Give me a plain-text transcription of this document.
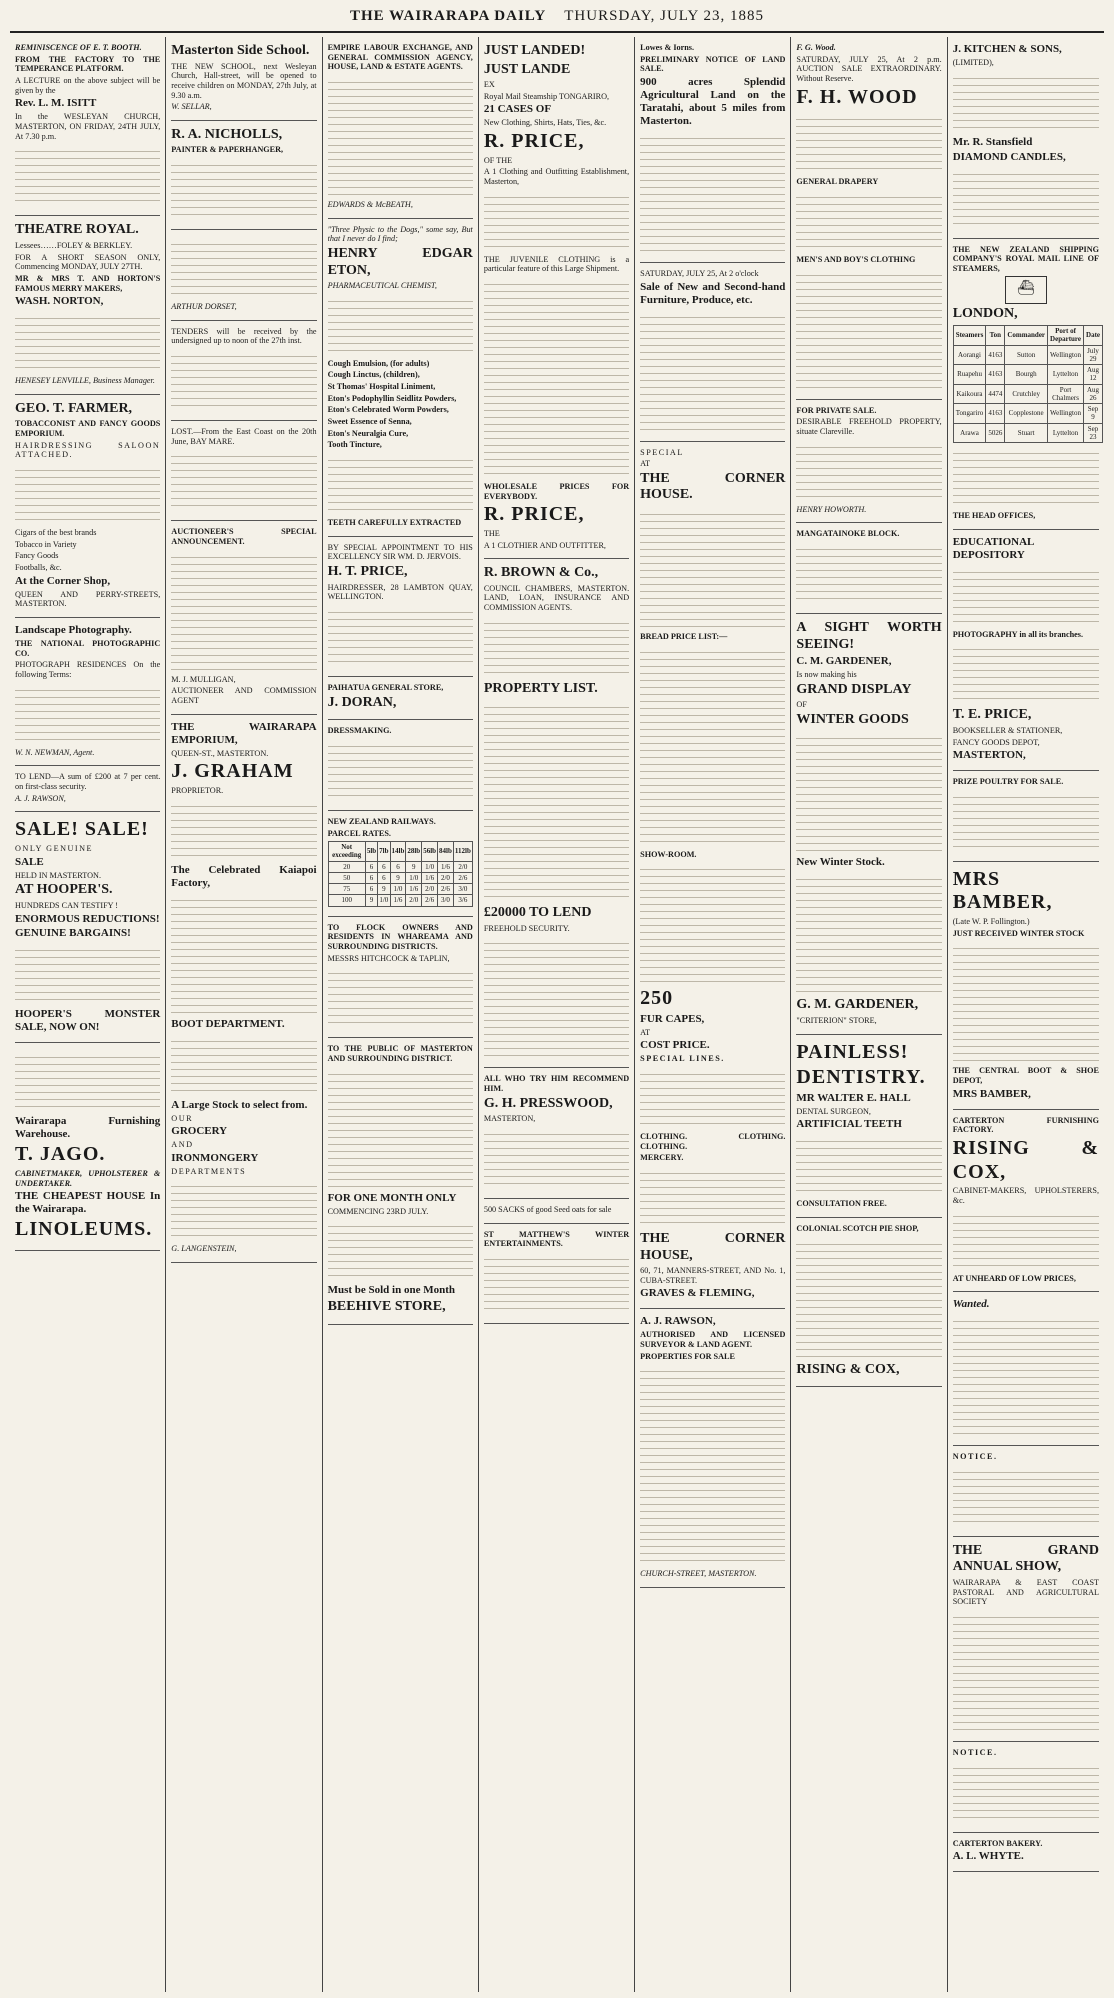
THE WAIRARAPA DAILY THURSDAY, JULY 23, 1885

REMINISCENCE OF E. T. BOOTH.

FROM THE FACTORY TO THE TEMPERANCE PLATFORM.

A LECTURE on the above subject will be given by the

Rev. L. M. ISITT

In the WESLEYAN CHURCH, MASTERTON, ON FRIDAY, 24TH JULY, At 7.30 p.m.

THEATRE ROYAL.

Lessees……FOLEY & BERKLEY.

FOR A SHORT SEASON ONLY, Commencing MONDAY, JULY 27TH.

MR & MRS T. AND HORTON'S FAMOUS MERRY MAKERS,

WASH. NORTON,

HENESEY LENVILLE, Business Manager.

GEO. T. FARMER,

TOBACCONIST AND FANCY GOODS EMPORIUM.

HAIRDRESSING SALOON ATTACHED.

Cigars of the best brands

Tobacco in Variety

Fancy Goods

Footballs, &c.

At the Corner Shop,

QUEEN AND PERRY-STREETS, MASTERTON.

Landscape Photography.

THE NATIONAL PHOTOGRAPHIC CO.

PHOTOGRAPH RESIDENCES On the following Terms:

W. N. NEWMAN, Agent.

TO LEND—A sum of £200 at 7 per cent. on first-class security.

A. J. RAWSON,

SALE! SALE!

ONLY GENUINE

SALE

HELD IN MASTERTON.

AT HOOPER'S.

HUNDREDS CAN TESTIFY !

ENORMOUS REDUCTIONS!

GENUINE BARGAINS!

HOOPER'S MONSTER SALE, NOW ON!

Wairarapa Furnishing Warehouse.

T. JAGO.

CABINETMAKER, UPHOLSTERER & UNDERTAKER.

THE CHEAPEST HOUSE In the Wairarapa.

LINOLEUMS.

Masterton Side School.

THE NEW SCHOOL, next Wesleyan Church, Hall-street, will be opened to receive children on MONDAY, 27th July, at 9.30 a.m.

W. SELLAR,

R. A. NICHOLLS,

PAINTER & PAPERHANGER,

ARTHUR DORSET,

TENDERS will be received by the undersigned up to noon of the 27th inst.

LOST.—From the East Coast on the 20th June, BAY MARE.

AUCTIONEER'S SPECIAL ANNOUNCEMENT.

M. J. MULLIGAN,

AUCTIONEER AND COMMISSION AGENT

THE WAIRARAPA EMPORIUM,

QUEEN-ST., MASTERTON.

J. GRAHAM

PROPRIETOR.

The Celebrated Kaiapoi Factory,

BOOT DEPARTMENT.

A Large Stock to select from.

OUR

GROCERY

AND

IRONMONGERY

DEPARTMENTS

G. LANGENSTEIN,

EMPIRE LABOUR EXCHANGE, AND GENERAL COMMISSION AGENCY, HOUSE, LAND & ESTATE AGENTS.

EDWARDS & McBEATH,

"Three Physic to the Dogs," some say, But that I never do I find;

HENRY EDGAR ETON,

PHARMACEUTICAL CHEMIST,

Cough Emulsion, (for adults)

Cough Linctus, (children),

St Thomas' Hospital Liniment,

Eton's Podophyllin Seidlitz Powders,

Eton's Celebrated Worm Powders,

Sweet Essence of Senna,

Eton's Neuralgia Cure,

Tooth Tincture,

TEETH CAREFULLY EXTRACTED

BY SPECIAL APPOINTMENT TO HIS EXCELLENCY SIR WM. D. JERVOIS.

H. T. PRICE,

HAIRDRESSER, 28 LAMBTON QUAY, WELLINGTON.

PAIHATUA GENERAL STORE,

J. DORAN,

DRESSMAKING.

NEW ZEALAND RAILWAYS.

PARCEL RATES.

Not exceeding	5lb	7lb	14lb	28lb	56lb	84lb	112lb
20	6	6	6	9	1/0	1/6	2/0
50	6	6	9	1/0	1/6	2/0	2/6
75	6	9	1/0	1/6	2/0	2/6	3/0
100	9	1/0	1/6	2/0	2/6	3/0	3/6

TO FLOCK OWNERS AND RESIDENTS IN WHAREAMA AND SURROUNDING DISTRICTS.

MESSRS HITCHCOCK & TAPLIN,

TO THE PUBLIC OF MASTERTON AND SURROUNDING DISTRICT.

FOR ONE MONTH ONLY

COMMENCING 23RD JULY.

Must be Sold in one Month

BEEHIVE STORE,

JUST LANDED!

JUST LANDE

EX

Royal Mail Steamship TONGARIRO,

21 CASES OF

New Clothing, Shirts, Hats, Ties, &c.

R. PRICE,

OF THE

A 1 Clothing and Outfitting Establishment, Masterton,

THE JUVENILE CLOTHING is a particular feature of this Large Shipment.

WHOLESALE PRICES FOR EVERYBODY.

R. PRICE,

THE

A 1 CLOTHIER AND OUTFITTER,

R. BROWN & Co.,

COUNCIL CHAMBERS, MASTERTON. LAND, LOAN, INSURANCE AND COMMISSION AGENTS.

PROPERTY LIST.

£20000 TO LEND

FREEHOLD SECURITY.

ALL WHO TRY HIM RECOMMEND HIM.

G. H. PRESSWOOD,

MASTERTON,

500 SACKS of good Seed oats for sale

ST MATTHEW'S WINTER ENTERTAINMENTS.

Lowes & Iorns.

PRELIMINARY NOTICE OF LAND SALE.

900 acres Splendid Agricultural Land on the Taratahi, about 5 miles from Masterton.

SATURDAY, JULY 25, At 2 o'clock

Sale of New and Second-hand Furniture, Produce, etc.

SPECIAL

AT

THE CORNER HOUSE.

BREAD PRICE LIST:—

SHOW-ROOM.

250

FUR CAPES,

AT

COST PRICE.

SPECIAL LINES.

CLOTHING. CLOTHING. CLOTHING.

MERCERY.

THE CORNER HOUSE,

60, 71, MANNERS-STREET, AND No. 1, CUBA-STREET.

GRAVES & FLEMING,

A. J. RAWSON,

AUTHORISED AND LICENSED SURVEYOR & LAND AGENT.

PROPERTIES FOR SALE

CHURCH-STREET, MASTERTON.

F. G. Wood.

SATURDAY, JULY 25, At 2 p.m. AUCTION SALE EXTRAORDINARY. Without Reserve.

F. H. WOOD

GENERAL DRAPERY

MEN'S AND BOY'S CLOTHING

FOR PRIVATE SALE.

DESIRABLE FREEHOLD PROPERTY, situate Clareville.

HENRY HOWORTH.

MANGATAINOKE BLOCK.

A SIGHT WORTH SEEING!

C. M. GARDENER,

Is now making his

GRAND DISPLAY

OF

WINTER GOODS

New Winter Stock.

G. M. GARDENER,

"CRITERION" STORE,

PAINLESS!

DENTISTRY.

MR WALTER E. HALL

DENTAL SURGEON,

ARTIFICIAL TEETH

CONSULTATION FREE.

COLONIAL SCOTCH PIE SHOP,

RISING & COX,

J. KITCHEN & SONS,

(LIMITED),

Mr. R. Stansfield

DIAMOND CANDLES,

THE NEW ZEALAND SHIPPING COMPANY'S ROYAL MAIL LINE OF STEAMERS,

⛴

LONDON,

Steamers	Ton	Commander	Port of Departure	Date
Aorangi	4163	Sutton	Wellington	July 29
Ruapehu	4163	Bourgh	Lyttelton	Aug 12
Kaikoura	4474	Crutchley	Port Chalmers	Aug 26
Tongariro	4163	Copplestone	Wellington	Sep 9
Arawa	5026	Stuart	Lyttelton	Sep 23

THE HEAD OFFICES,

EDUCATIONAL DEPOSITORY

PHOTOGRAPHY in all its branches.

T. E. PRICE,

BOOKSELLER & STATIONER,

FANCY GOODS DEPOT,

MASTERTON,

PRIZE POULTRY FOR SALE.

MRS BAMBER,

(Late W. P. Follington.)

JUST RECEIVED WINTER STOCK

THE CENTRAL BOOT & SHOE DEPOT,

MRS BAMBER,

CARTERTON FURNISHING FACTORY.

RISING & COX,

CABINET-MAKERS, UPHOLSTERERS, &c.

AT UNHEARD OF LOW PRICES,

Wanted.

NOTICE.

THE GRAND ANNUAL SHOW,

WAIRARAPA & EAST COAST PASTORAL AND AGRICULTURAL SOCIETY

NOTICE.

CARTERTON BAKERY.

A. L. WHYTE.
